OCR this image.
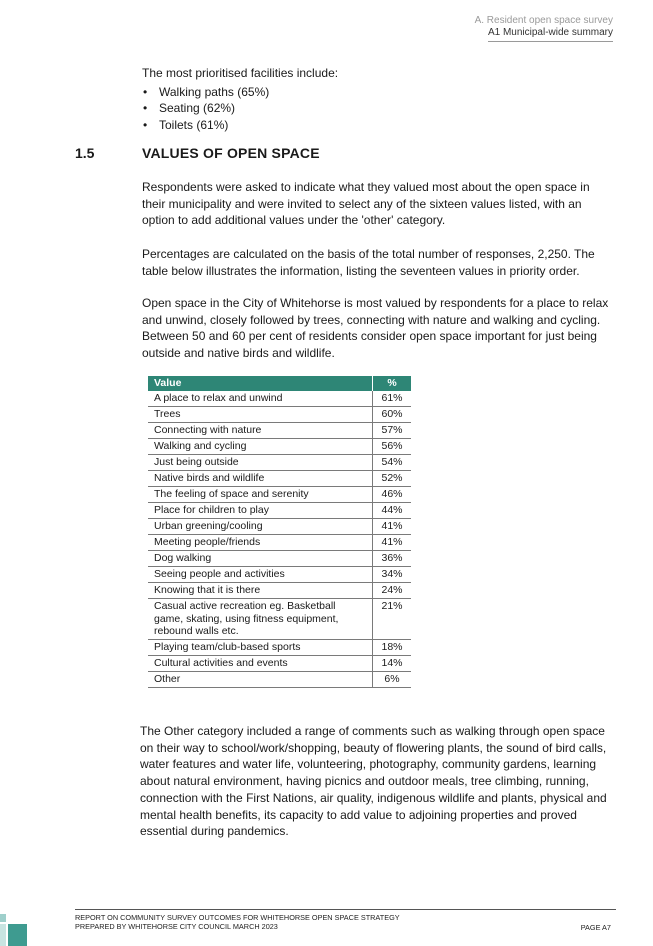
A. Resident open space survey
A1 Municipal-wide summary
The most prioritised facilities include:
• Walking paths (65%)
• Seating (62%)
• Toilets (61%)
1.5	VALUES OF OPEN SPACE

Respondents were asked to indicate what they valued most about the open space in their municipality and were invited to select any of the sixteen values listed, with an option to add additional values under the 'other' category.

Percentages are calculated on the basis of the total number of responses, 2,250. The table below illustrates the information, listing the seventeen values in priority order.

Open space in the City of Whitehorse is most valued by respondents for a place to relax and unwind, closely followed by trees, connecting with nature and walking and cycling. Between 50 and 60 per cent of residents consider open space important for just being outside and native birds and wildlife.

Value	%
A place to relax and unwind	61%
Trees	60%
Connecting with nature	57%
Walking and cycling	56%
Just being outside	54%
Native birds and wildlife	52%
The feeling of space and serenity	46%
Place for children to play	44%
Urban greening/cooling	41%
Meeting people/friends	41%
Dog walking	36%
Seeing people and activities	34%
Knowing that it is there	24%
Casual active recreation eg. Basketball game, skating, using fitness equipment, rebound walls etc.	21%
Playing team/club-based sports	18%
Cultural activities and events	14%
Other	6%

The Other category included a range of comments such as walking through open space on their way to school/work/shopping, beauty of flowering plants, the sound of bird calls, water features and water life, volunteering, photography, community gardens, learning about natural environment, having picnics and outdoor meals, tree climbing, running, connection with the First Nations, air quality, indigenous wildlife and plants, physical and mental health benefits, its capacity to add value to adjoining properties and proved essential during pandemics.

REPORT ON COMMUNITY SURVEY OUTCOMES FOR WHITEHORSE OPEN SPACE STRATEGY
PREPARED BY WHITEHORSE CITY COUNCIL MARCH 2023	PAGE A7
